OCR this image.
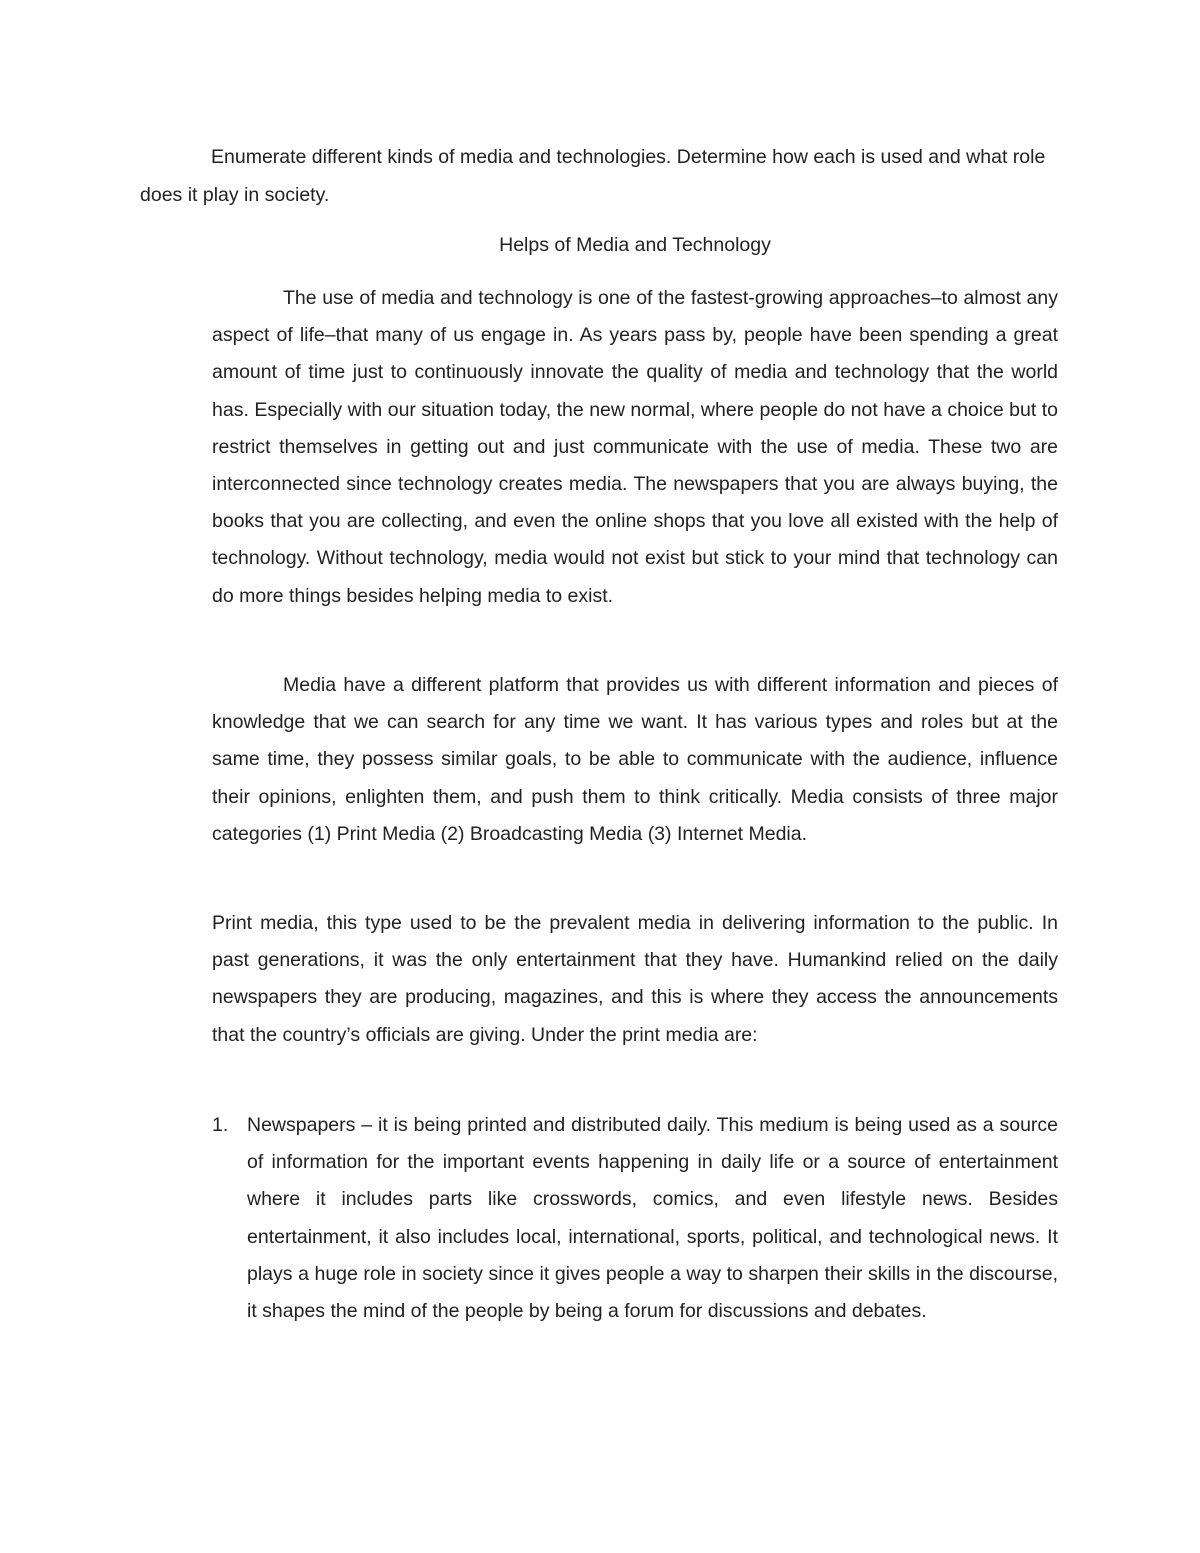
Enumerate different kinds of media and technologies. Determine how each is used and what role does it play in society.

Helps of Media and Technology

The use of media and technology is one of the fastest-growing approaches–to almost any aspect of life–that many of us engage in. As years pass by, people have been spending a great amount of time just to continuously innovate the quality of media and technology that the world has. Especially with our situation today, the new normal, where people do not have a choice but to restrict themselves in getting out and just communicate with the use of media. These two are interconnected since technology creates media. The newspapers that you are always buying, the books that you are collecting, and even the online shops that you love all existed with the help of technology. Without technology, media would not exist but stick to your mind that technology can do more things besides helping media to exist.

Media have a different platform that provides us with different information and pieces of knowledge that we can search for any time we want. It has various types and roles but at the same time, they possess similar goals, to be able to communicate with the audience, influence their opinions, enlighten them, and push them to think critically. Media consists of three major categories (1) Print Media (2) Broadcasting Media (3) Internet Media.

Print media, this type used to be the prevalent media in delivering information to the public. In past generations, it was the only entertainment that they have. Humankind relied on the daily newspapers they are producing, magazines, and this is where they access the announcements that the country’s officials are giving. Under the print media are:

1. Newspapers – it is being printed and distributed daily. This medium is being used as a source of information for the important events happening in daily life or a source of entertainment where it includes parts like crosswords, comics, and even lifestyle news. Besides entertainment, it also includes local, international, sports, political, and technological news. It plays a huge role in society since it gives people a way to sharpen their skills in the discourse, it shapes the mind of the people by being a forum for discussions and debates.
